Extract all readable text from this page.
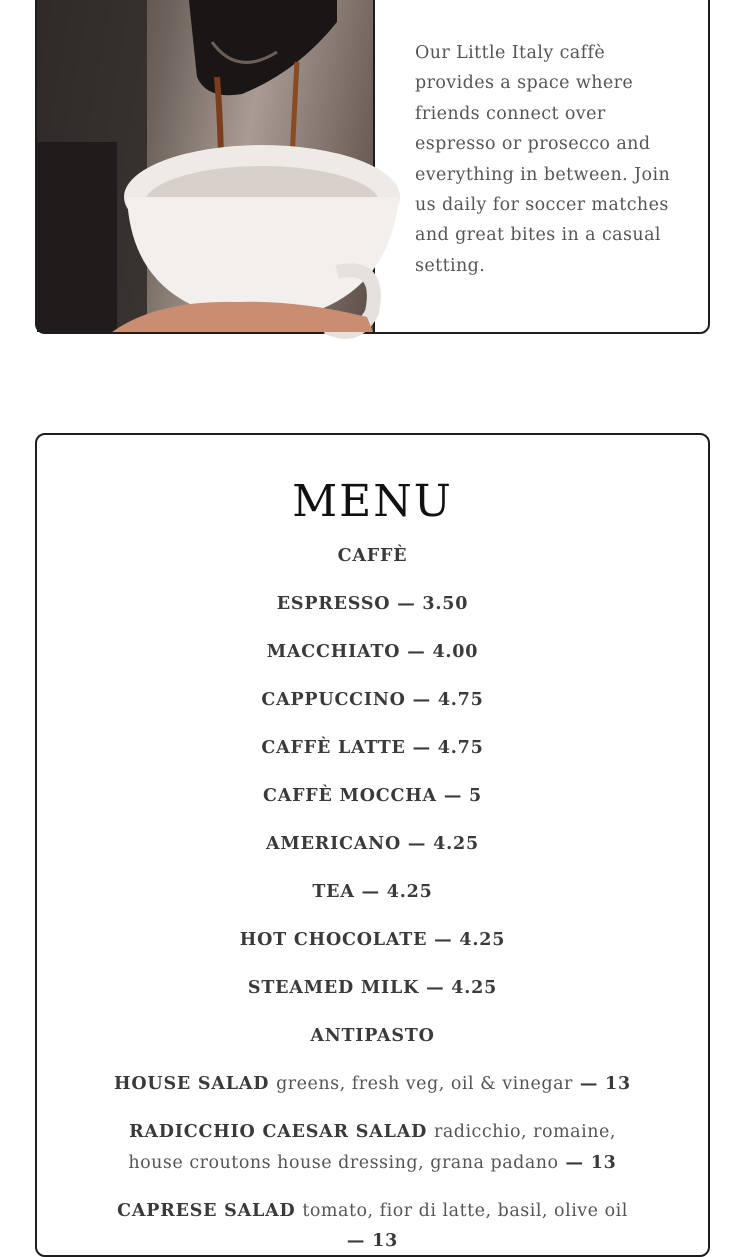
Our Little Italy caffè provides a space where friends connect over espresso or prosecco and everything in between. Join us daily for soccer matches and great bites in a casual setting.
MENU
CAFFÈ
ESPRESSO — 3.50
MACCHIATO — 4.00
CAPPUCCINO — 4.75
CAFFÈ LATTE — 4.75
CAFFÈ MOCCHA — 5
AMERICANO — 4.25
TEA — 4.25
HOT CHOCOLATE — 4.25
STEAMED MILK — 4.25
ANTIPASTO
HOUSE SALAD greens, fresh veg, oil & vinegar — 13
RADICCHIO CAESAR SALAD radicchio, romaine, house croutons house dressing, grana padano — 13
CAPRESE SALAD tomato, fior di latte, basil, olive oil — 13
